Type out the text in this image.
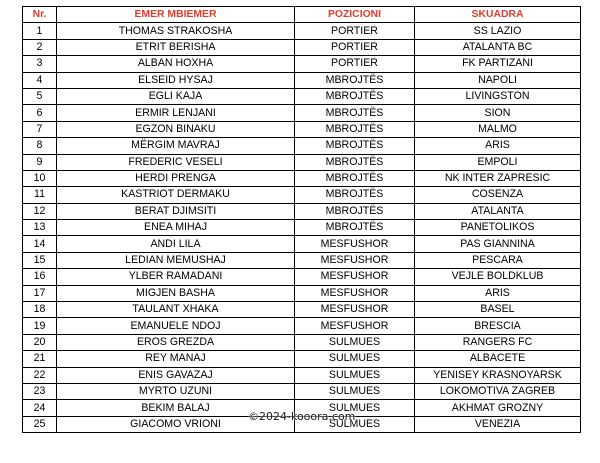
Nr.	EMER MBIEMER	POZICIONI	SKUADRA
1	THOMAS STRAKOSHA	PORTIER	SS LAZIO
2	ETRIT BERISHA	PORTIER	ATALANTA BC
3	ALBAN HOXHA	PORTIER	FK PARTIZANI
4	ELSEID HYSAJ	MBROJTËS	NAPOLI
5	EGLI KAJA	MBROJTËS	LIVINGSTON
6	ERMIR LENJANI	MBROJTËS	SION
7	EGZON BINAKU	MBROJTËS	MALMO
8	MËRGIM MAVRAJ	MBROJTËS	ARIS
9	FREDERIC VESELI	MBROJTËS	EMPOLI
10	HERDI PRENGA	MBROJTËS	NK INTER ZAPRESIC
11	KASTRIOT DERMAKU	MBROJTËS	COSENZA
12	BERAT DJIMSITI	MBROJTËS	ATALANTA
13	ENEA MIHAJ	MBROJTËS	PANETOLIKOS
14	ANDI LILA	MESFUSHOR	PAS GIANNINA
15	LEDIAN MEMUSHAJ	MESFUSHOR	PESCARA
16	YLBER RAMADANI	MESFUSHOR	VEJLE BOLDKLUB
17	MIGJEN BASHA	MESFUSHOR	ARIS
18	TAULANT XHAKA	MESFUSHOR	BASEL
19	EMANUELE NDOJ	MESFUSHOR	BRESCIA
20	EROS GREZDA	SULMUES	RANGERS FC
21	REY MANAJ	SULMUES	ALBACETE
22	ENIS GAVAZAJ	SULMUES	YENISEY KRASNOYARSK
23	MYRTO UZUNI	SULMUES	LOKOMOTIVA ZAGREB
24	BEKIM BALAJ	SULMUES	AKHMAT GROZNY
25	GIACOMO VRIONI	SULMUES	VENEZIA
©2024-kooora.com
